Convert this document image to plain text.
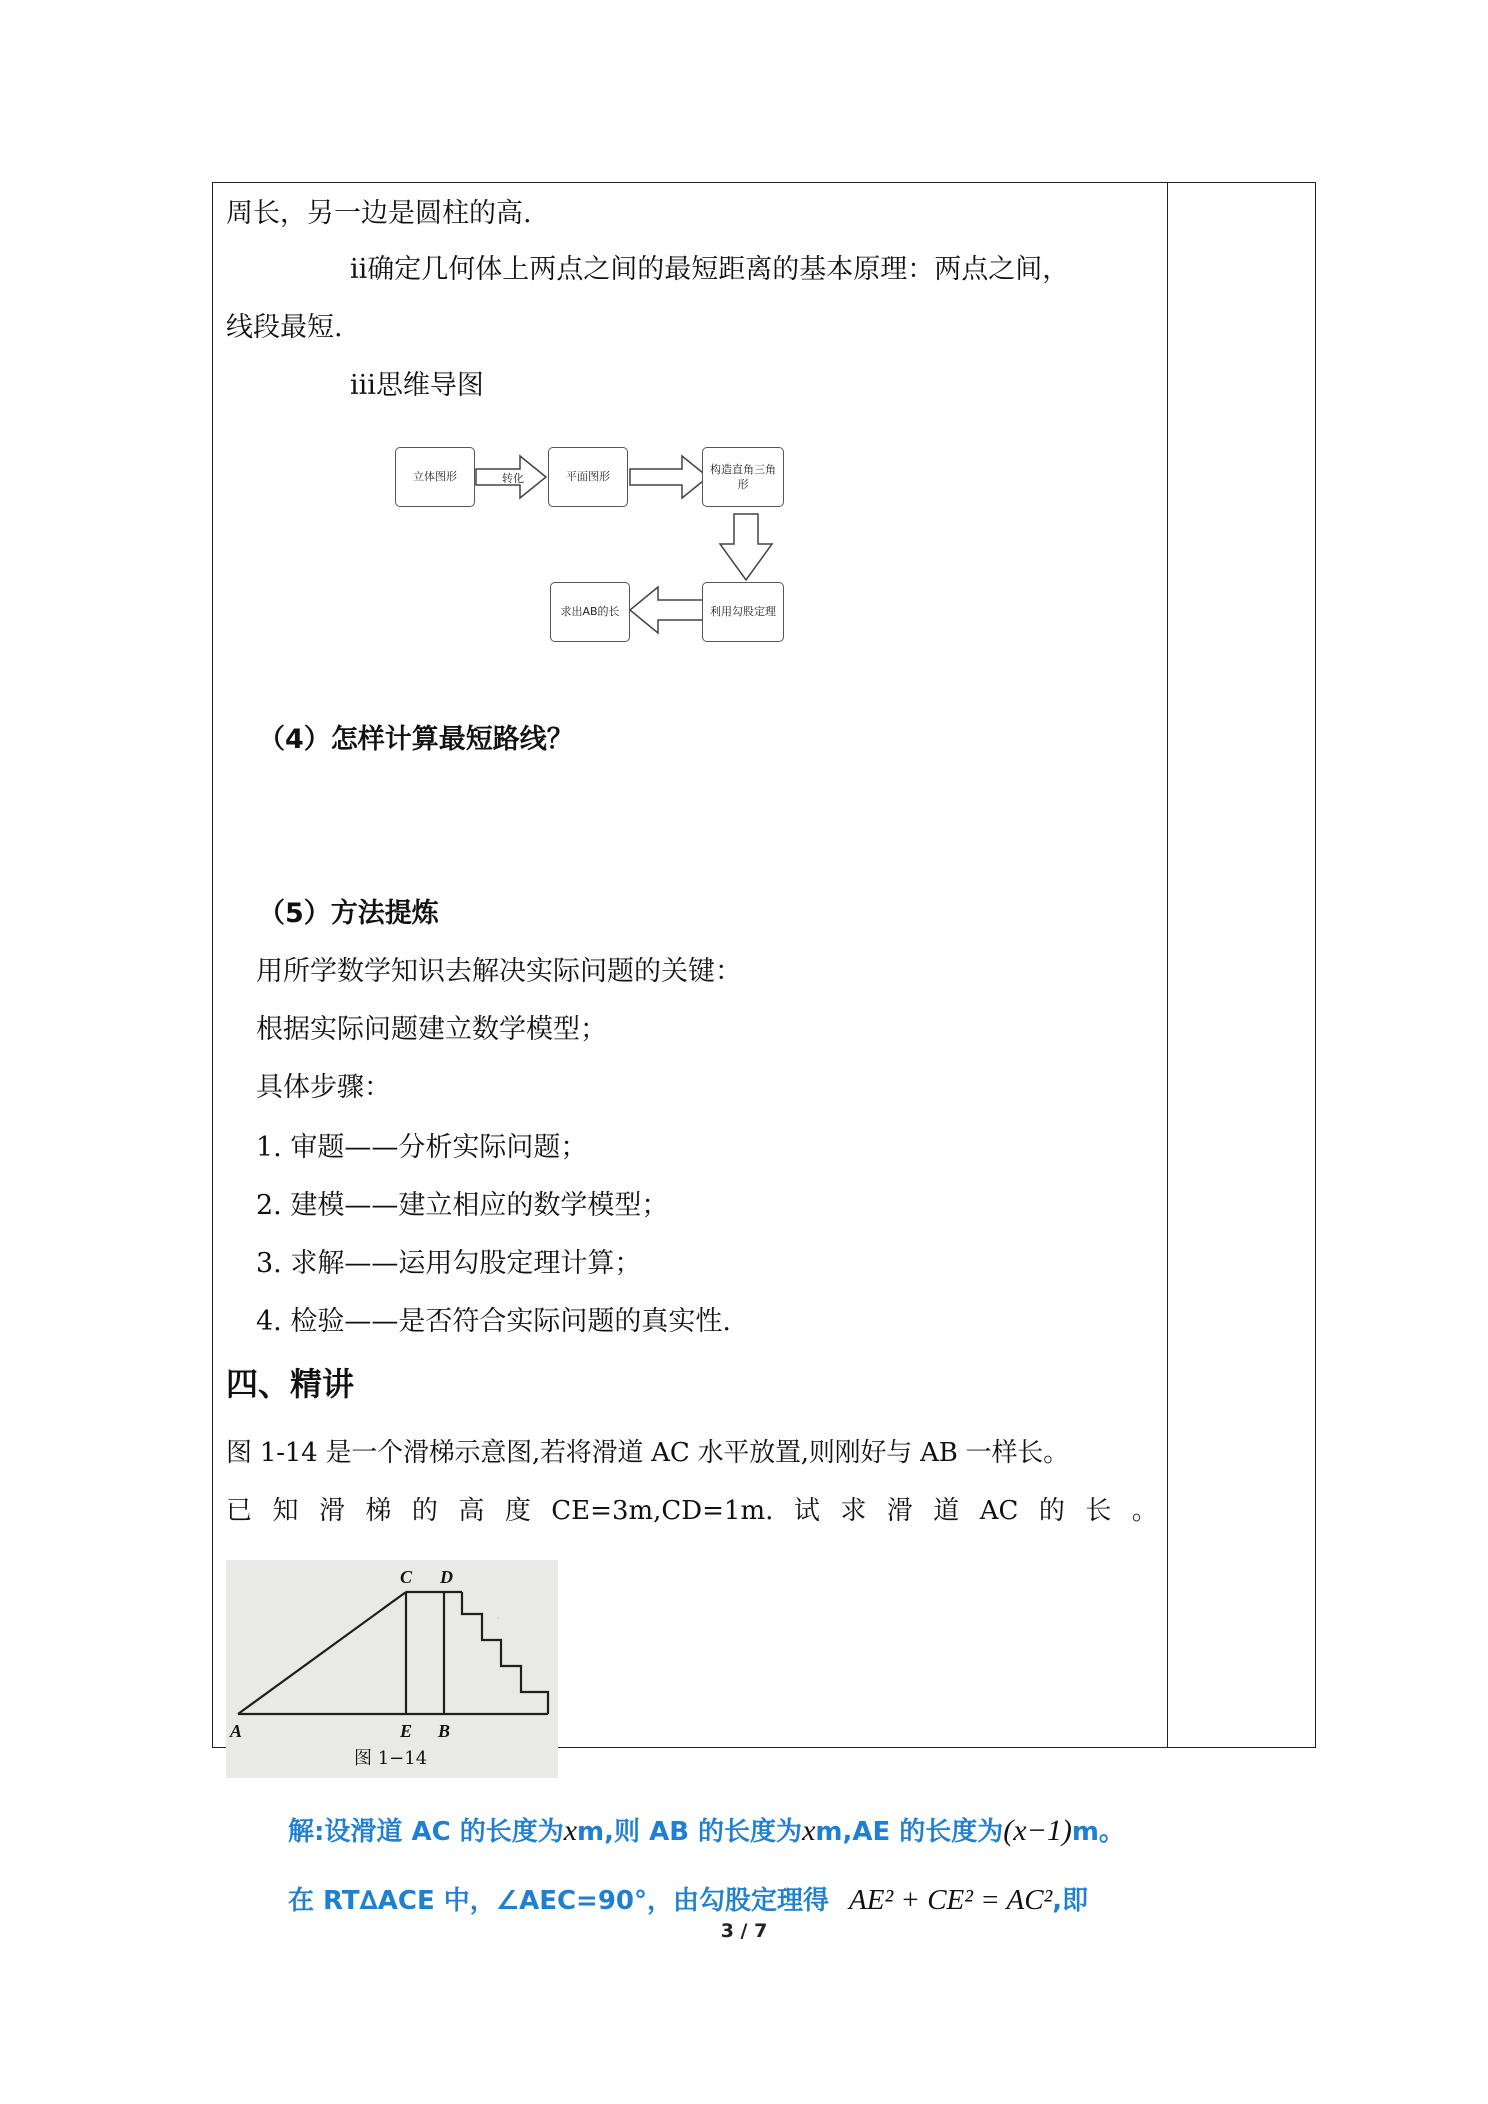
周长，另一边是圆柱的高.
ⅱ确定几何体上两点之间的最短距离的基本原理：两点之间，
线段最短.
ⅲ思维导图
立体图形	转化	平面图形
构造直角三角形
利用勾股定理
求出AB的长
（4）怎样计算最短路线？
（5）方法提炼
用所学数学知识去解决实际问题的关键：
根据实际问题建立数学模型；
具体步骤：
1. 审题——分析实际问题；
2. 建模——建立相应的数学模型；
3. 求解——运用勾股定理计算；
4. 检验——是否符合实际问题的真实性.
四、精讲
图 1-14 是一个滑梯示意图,若将滑道 AC 水平放置,则刚好与 AB 一样长。
已 知 滑 梯 的 高 度 CE=3m,CD=1m. 试 求 滑 道 AC 的 长 。
·
C D
A	E B
图 1−14
解:设滑道 AC 的长度为xm,则 AB 的长度为xm,AE 的长度为(x−1)m。
在 RT∆ACE 中，∠AEC=90°，由勾股定理得 AE² + CE² = AC²,即
3 / 7
